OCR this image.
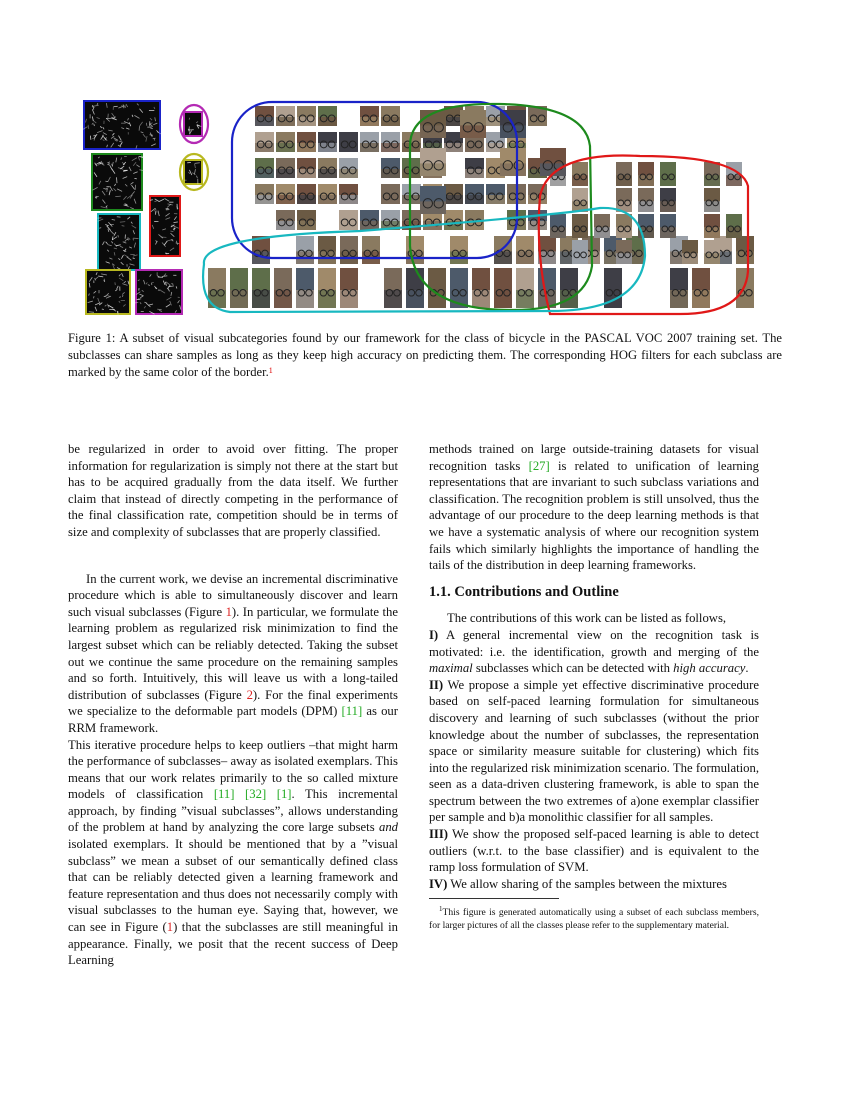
Figure 1: A subset of visual subcategories found by our framework for the class of bicycle in the PASCAL VOC 2007 training set. The subclasses can share samples as long as they keep high accuracy on predicting them. The corresponding HOG filters for each subclass are marked by the same color of the border.$^1$

be regularized in order to avoid over fitting. The proper information for regularization is simply not there at the start but has to be acquired gradually from the data itself. We further claim that instead of directly competing in the performance of the final classification rate, competition should be in terms of size and complexity of subclasses that are properly classified.

In the current work, we devise an incremental discriminative procedure which is able to simultaneously discover and learn such visual subclasses (Figure 1). In particular, we formulate the learning problem as regularized risk minimization to find the largest subset which can be reliably detected. Taking the subset out we continue the same procedure on the remaining samples and so forth. Intuitively, this will leave us with a long-tailed distribution of subclasses (Figure 2). For the final experiments we specialize to the deformable part models (DPM) [11] as our RRM framework.

This iterative procedure helps to keep outliers –that might harm the performance of subclasses– away as isolated exemplars. This means that our work relates primarily to the so called mixture models of classification [11] [32] [1]. This incremental approach, by finding ”visual subclasses”, allows understanding of the problem at hand by analyzing the core large subsets and isolated exemplars. It should be mentioned that by a ”visual subclass” we mean a subset of our semantically defined class that can be reliably detected given a learning framework and feature representation and thus does not necessarily comply with visual subclasses to the human eye. Saying that, however, we can see in Figure (1) that the subclasses are still meaningful in appearance. Finally, we posit that the recent success of Deep Learning

methods trained on large outside-training datasets for visual recognition tasks [27] is related to unification of learning representations that are invariant to such subclass variations and classification. The recognition problem is still unsolved, thus the advantage of our procedure to the deep learning methods is that we have a systematic analysis of where our recognition system fails which similarly highlights the importance of handling the tails of the distribution in deep learning frameworks.

1.1. Contributions and Outline

The contributions of this work can be listed as follows,

I) A general incremental view on the recognition task is motivated: i.e. the identification, growth and merging of the maximal subclasses which can be detected with high accuracy.

II) We propose a simple yet effective discriminative procedure based on self-paced learning formulation for simultaneous discovery and learning of such subclasses (without the prior knowledge about the number of subclasses, the representation space or similarity measure suitable for clustering) which fits into the regularized risk minimization scenario. The formulation, seen as a data-driven clustering framework, is able to span the spectrum between the two extremes of a)one exemplar classifier per sample and b)a monolithic classifier for all samples.

III) We show the proposed self-paced learning is able to detect outliers (w.r.t. to the base classifier) and is equivalent to the ramp loss formulation of SVM.

IV) We allow sharing of the samples between the mixtures

$^1$This figure is generated automatically using a subset of each subclass members, for larger pictures of all the classes please refer to the supplementary material.
